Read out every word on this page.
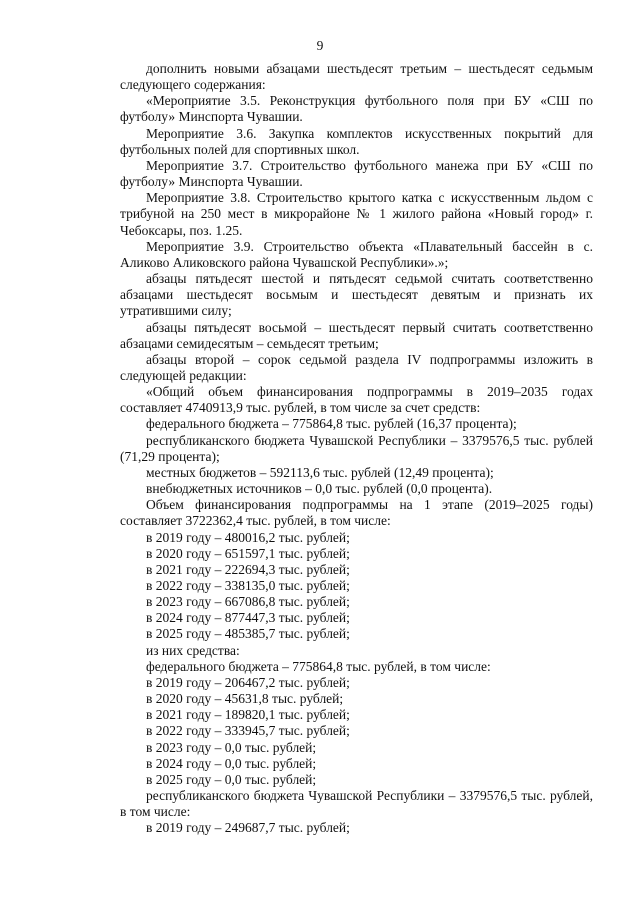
9

дополнить новыми абзацами шестьдесят третьим – шестьдесят седьмым следующего содержания:

«Мероприятие 3.5. Реконструкция футбольного поля при БУ «СШ по футболу» Минспорта Чувашии.

Мероприятие 3.6. Закупка комплектов искусственных покрытий для футбольных полей для спортивных школ.

Мероприятие 3.7. Строительство футбольного манежа при БУ «СШ по футболу» Минспорта Чувашии.

Мероприятие 3.8. Строительство крытого катка с искусственным льдом с трибуной на 250 мест в микрорайоне № 1 жилого района «Новый город» г. Чебоксары, поз. 1.25.

Мероприятие 3.9. Строительство объекта «Плавательный бассейн в с. Аликово Аликовского района Чувашской Республики».»;

абзацы пятьдесят шестой и пятьдесят седьмой считать соответственно абзацами шестьдесят восьмым и шестьдесят девятым и признать их утратившими силу;

абзацы пятьдесят восьмой – шестьдесят первый считать соответственно абзацами семидесятым – семьдесят третьим;

абзацы второй – сорок седьмой раздела IV подпрограммы изложить в следующей редакции:

«Общий объем финансирования подпрограммы в 2019–2035 годах составляет 4740913,9 тыс. рублей, в том числе за счет средств:

федерального бюджета – 775864,8 тыс. рублей (16,37 процента);

республиканского бюджета Чувашской Республики – 3379576,5 тыс. рублей (71,29 процента);

местных бюджетов – 592113,6 тыс. рублей (12,49 процента);

внебюджетных источников – 0,0 тыс. рублей (0,0 процента).

Объем финансирования подпрограммы на 1 этапе (2019–2025 годы) составляет 3722362,4 тыс. рублей, в том числе:

в 2019 году – 480016,2 тыс. рублей;

в 2020 году – 651597,1 тыс. рублей;

в 2021 году – 222694,3 тыс. рублей;

в 2022 году – 338135,0 тыс. рублей;

в 2023 году – 667086,8 тыс. рублей;

в 2024 году – 877447,3 тыс. рублей;

в 2025 году – 485385,7 тыс. рублей;

из них средства:

федерального бюджета – 775864,8 тыс. рублей, в том числе:

в 2019 году – 206467,2 тыс. рублей;

в 2020 году – 45631,8 тыс. рублей;

в 2021 году – 189820,1 тыс. рублей;

в 2022 году – 333945,7 тыс. рублей;

в 2023 году – 0,0 тыс. рублей;

в 2024 году – 0,0 тыс. рублей;

в 2025 году – 0,0 тыс. рублей;

республиканского бюджета Чувашской Республики – 3379576,5 тыс. рублей, в том числе:

в 2019 году – 249687,7 тыс. рублей;
